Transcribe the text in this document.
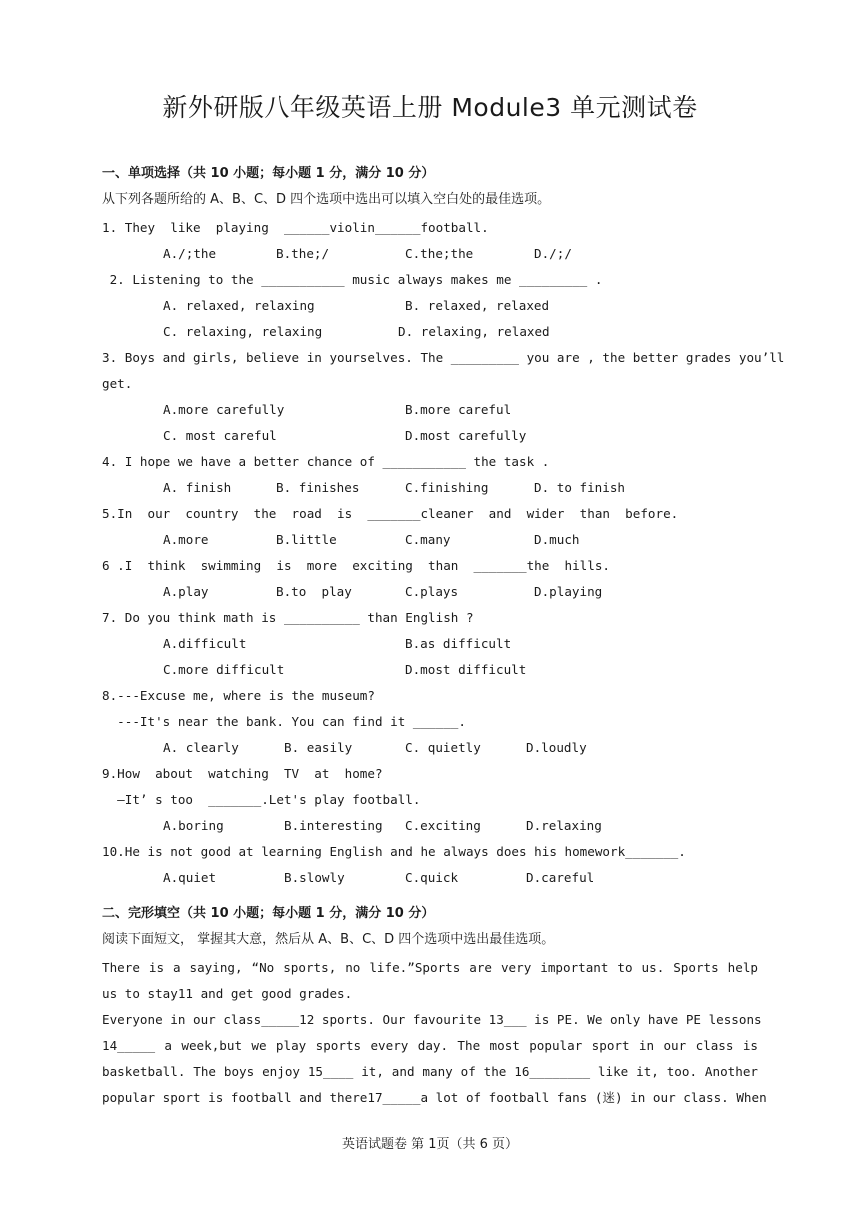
新外研版八年级英语上册 Module3 单元测试卷
一、单项选择（共 10 小题；每小题 1 分，满分 10 分）
从下列各题所给的 A、B、C、D 四个选项中选出可以填入空白处的最佳选项。
1. They  like  playing  ______violin______football.
A./;the	B.the;/	C.the;the	D./;/
2. Listening to the ___________ music always makes me _________ .
A. relaxed, relaxing	B. relaxed, relaxed
C. relaxing, relaxing	D. relaxing, relaxed
3. Boys and girls, believe in yourselves. The _________ you are , the better grades you’ll
get.
A.more carefully	B.more careful
C. most careful	D.most carefully
4. I hope we have a better chance of ___________ the task .
A. finish	B. finishes	C.finishing	D. to finish
5.In  our  country  the  road  is  _______cleaner  and  wider  than  before.
A.more	B.little	C.many	D.much
6 .I  think  swimming  is  more  exciting  than  _______the  hills.
A.play	B.to  play	C.plays	D.playing
7. Do you think math is __________ than English ?
A.difficult	B.as difficult
C.more difficult	D.most difficult
8.---Excuse me, where is the museum?
---It's near the bank. You can find it ______.
A. clearly	B. easily	C. quietly	D.loudly
9.How  about  watching  TV  at  home?
—It’ s too  _______.Let's play football.
A.boring	B.interesting C.exciting	D.relaxing
10.He is not good at learning English and he always does his homework_______.
A.quiet	B.slowly	C.quick	D.careful
二、完形填空（共 10 小题；每小题 1 分，满分 10 分）
阅读下面短文， 掌握其大意，然后从 A、B、C、D 四个选项中选出最佳选项。
There is a saying, “No sports, no life.”Sports are very important to us. Sports help
us to stay11 and get good grades.
Everyone in our class_____12 sports. Our favourite 13___ is PE. We only have PE lessons
14_____ a week,but we play sports every day. The most popular sport in our class is
basketball. The boys enjoy 15____ it, and many of the 16________ like it, too. Another
popular sport is football and there17_____a lot of football fans (迷) in our class. When
英语试题卷 第 1页（共 6 页）
